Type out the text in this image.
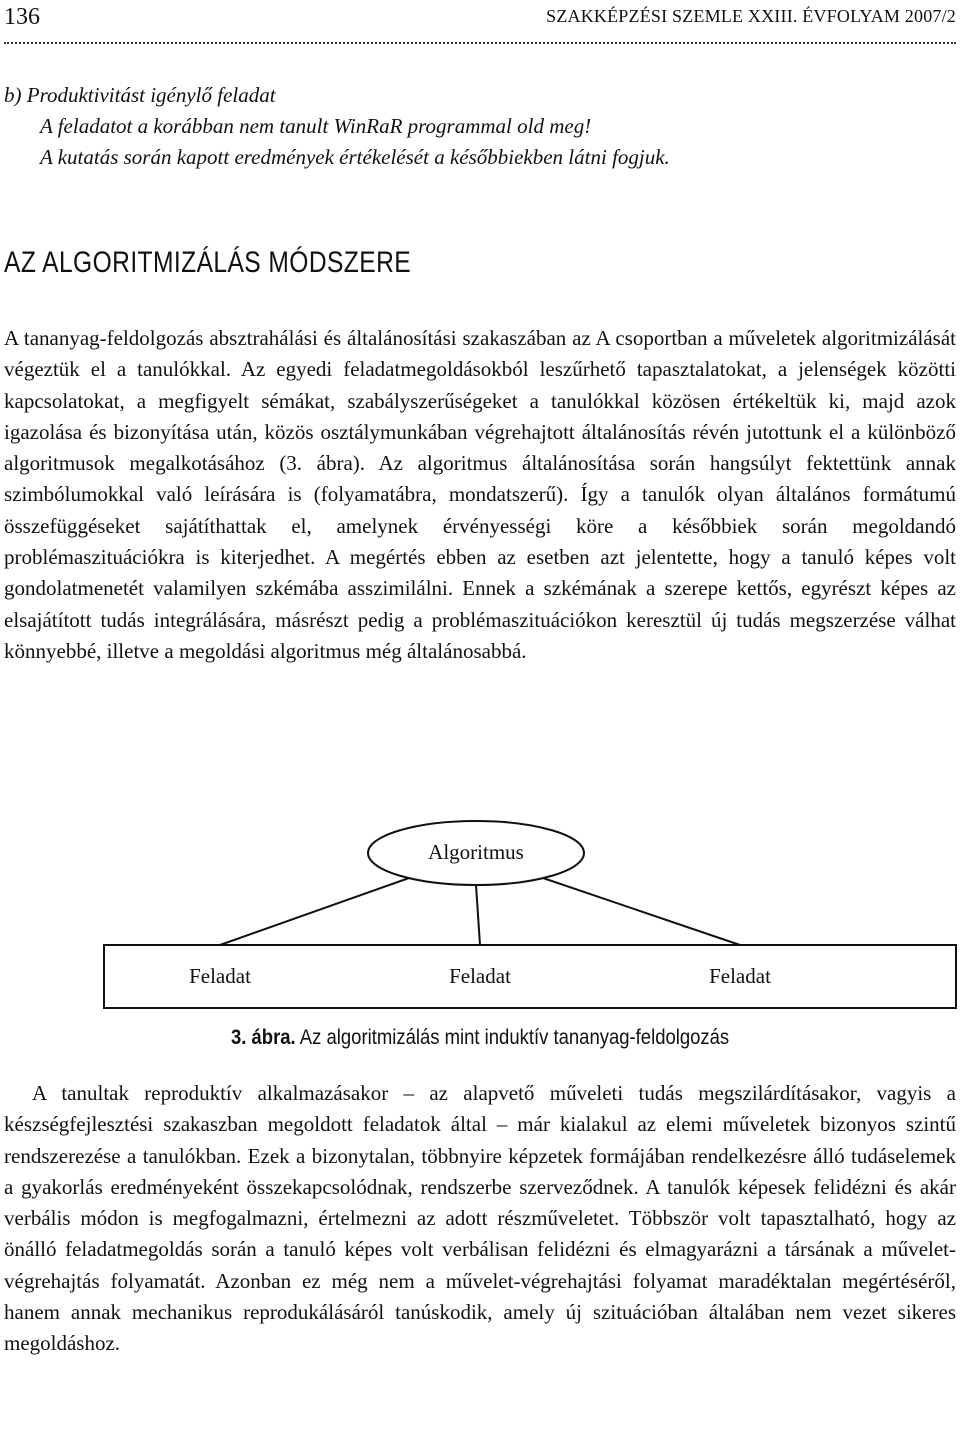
136	SZAKKÉPZÉSI SZEMLE XXIII. ÉVFOLYAM 2007/2
b) Produktivitást igénylő feladat
A feladatot a korábban nem tanult WinRaR programmal old meg!
A kutatás során kapott eredmények értékelését a későbbiekben látni fogjuk.
AZ ALGORITMIZÁLÁS MÓDSZERE

A tananyag-feldolgozás absztrahálási és általánosítási szakaszában az A csoportban a műveletek algoritmizálását végeztük el a tanulókkal. Az egyedi feladatmegoldásokból leszűrhető tapasztalatokat, a jelenségek közötti kapcsolatokat, a megfigyelt sémákat, szabályszerűségeket a tanulókkal közösen értékeltük ki, majd azok igazolása és bizonyítása után, közös osztálymunkában végrehajtott általánosítás révén jutottunk el a különböző algoritmusok megalkotásához (3. ábra). Az algoritmus általánosítása során hangsúlyt fektettünk annak szimbólumokkal való leírására is (folyamatábra, mondatszerű). Így a tanulók olyan általános formátumú összefüggéseket sajátíthattak el, amelynek érvényességi köre a későbbiek során megoldandó problémaszituációkra is kiterjedhet. A megértés ebben az esetben azt jelentette, hogy a tanuló képes volt gondolatmenetét valamilyen szkémába asszimilálni. Ennek a szkémának a szerepe kettős, egyrészt képes az elsajátított tudás integrálására, másrészt pedig a problémaszituációkon keresztül új tudás megszerzése válhat könnyebbé, illetve a megoldási algoritmus még általánosabbá.

Algoritmus
Feladat	Feladat	Feladat
3. ábra. Az algoritmizálás mint induktív tananyag-feldolgozás

A tanultak reproduktív alkalmazásakor – az alapvető műveleti tudás megszilárdításakor, vagyis a készségfejlesztési szakaszban megoldott feladatok által – már kialakul az elemi műveletek bizonyos szintű rendszerezése a tanulókban. Ezek a bizonytalan, többnyire képzetek formájában rendelkezésre álló tudáselemek a gyakorlás eredményeként összekapcsolódnak, rendszerbe szerveződnek. A tanulók képesek felidézni és akár verbális módon is megfogalmazni, értelmezni az adott részműveletet. Többször volt tapasztalható, hogy az önálló feladatmegoldás során a tanuló képes volt verbálisan felidézni és elmagyarázni a társának a művelet-végrehajtás folyamatát. Azonban ez még nem a művelet-végrehajtási folyamat maradéktalan megértéséről, hanem annak mechanikus reprodukálásáról tanúskodik, amely új szituációban általában nem vezet sikeres megoldáshoz.
